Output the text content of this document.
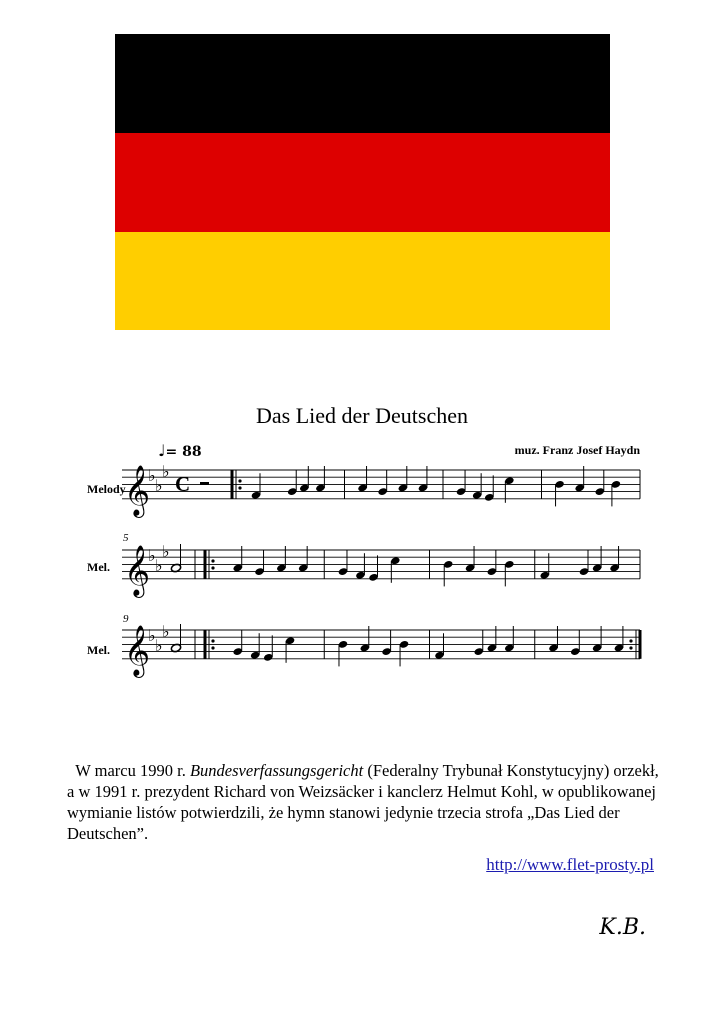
Das Lied der Deutschen
♩= 88	muz. Franz Josef Haydn
Melody
5
Mel.
9
Mel.
𝄞
♭
♭
♭
C
𝄞
♭
♭
♭
𝄞
♭
♭
♭
W marcu 1990 r. Bundesverfassungsgericht (Federalny Trybunał Konstytucyjny) orzekł, a w 1991 r. prezydent Richard von Weizsäcker i kanclerz Helmut Kohl, w opublikowanej wymianie listów potwierdzili, że hymn stanowi jedynie trzecia strofa „Das Lied der Deutschen”.
http://www.flet-prosty.pl
K.B.
